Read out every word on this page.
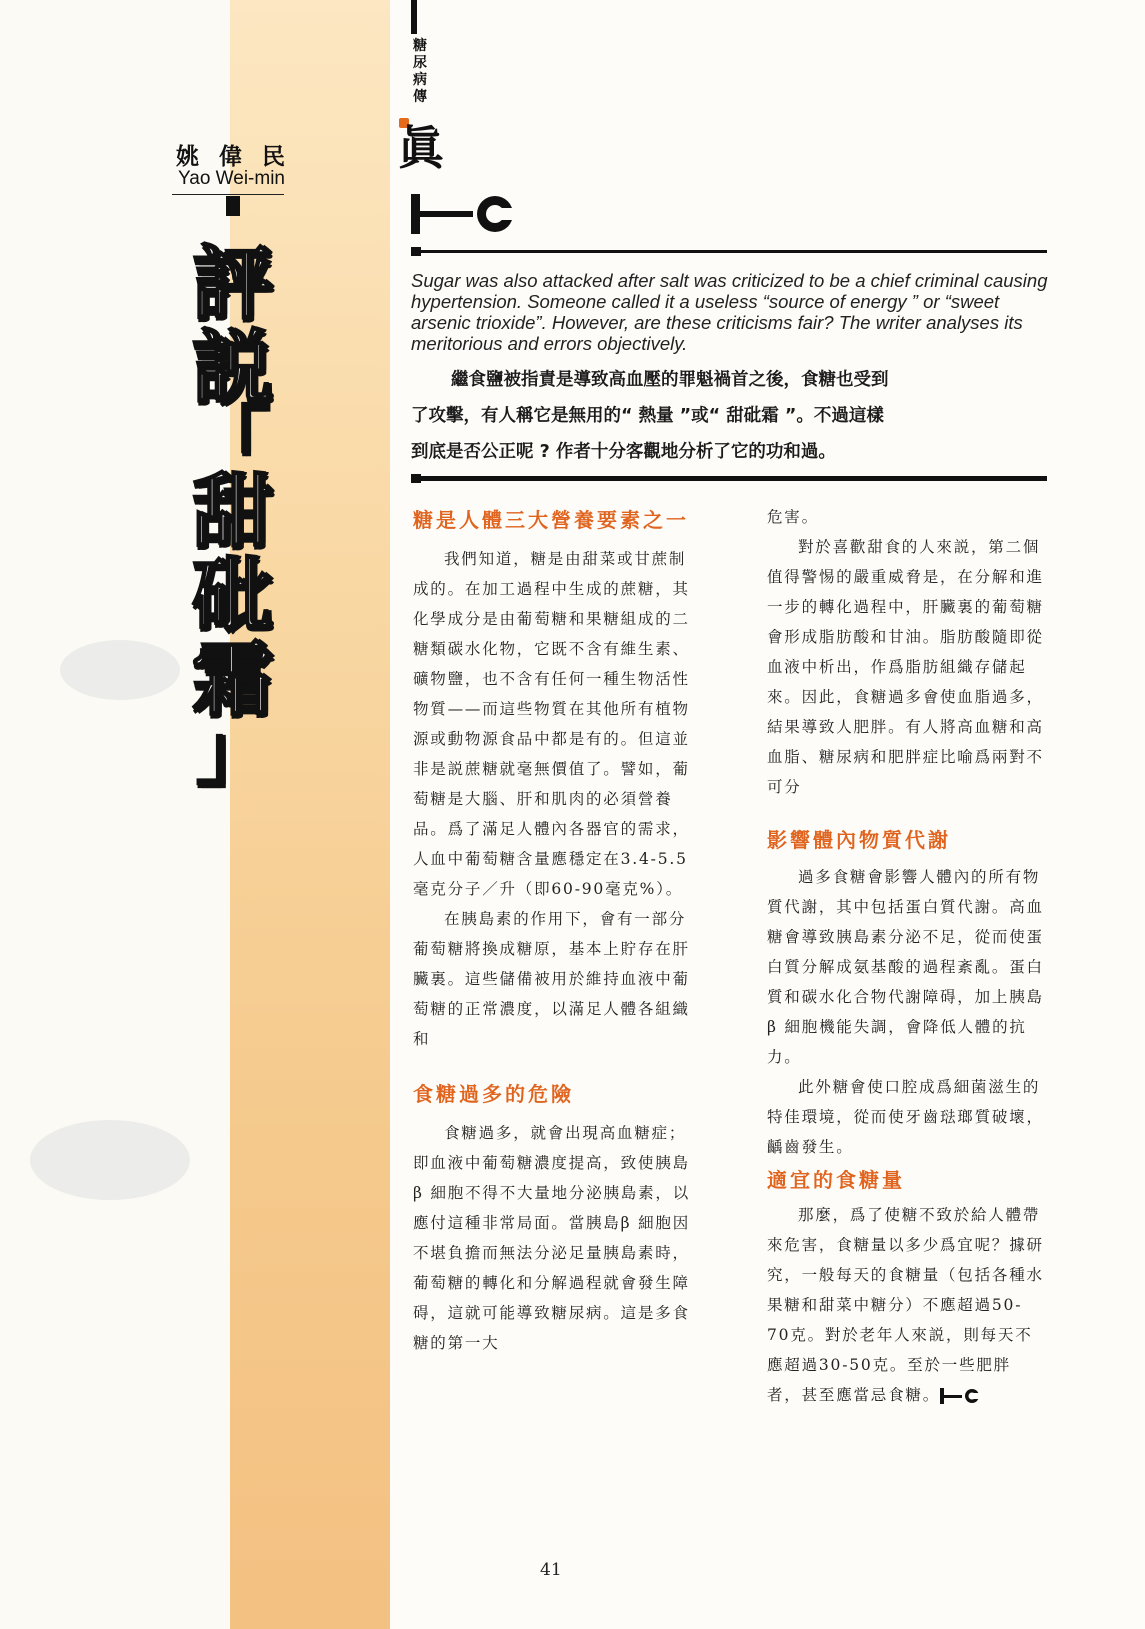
姚偉民
Yao Wei-min
評
説
「
甜
砒
霜
」
糖
尿
病
傳
眞
Sugar was also attacked after salt was criticized to be a chief criminal causing hypertension. Someone called it a useless “source of energy ” or “sweet arsenic trioxide”. However, are these criticisms fair? The writer analyses its meritorious and errors objectively.
繼食鹽被指責是導致高血壓的罪魁禍首之後，食糖也受到
了攻擊，有人稱它是無用的“ 熱量 ”或“ 甜砒霜 ”。不過這樣
到底是否公正呢 ? 作者十分客觀地分析了它的功和過。
糖是人體三大營養要素之一

我們知道，糖是由甜菜或甘蔗制成的。在加工過程中生成的蔗糖，其化學成分是由葡萄糖和果糖組成的二糖類碳水化物，它既不含有維生素、礦物鹽，也不含有任何一種生物活性物質——而這些物質在其他所有植物源或動物源食品中都是有的。但這並非是説蔗糖就毫無價值了。譬如，葡萄糖是大腦、肝和肌肉的必須營養品。爲了滿足人體內各器官的需求，人血中葡萄糖含量應穩定在3.4-5.5毫克分子／升（即60-90毫克%）。

在胰島素的作用下，會有一部分葡萄糖將換成糖原，基本上貯存在肝臟裏。這些儲備被用於維持血液中葡萄糖的正常濃度，以滿足人體各組織和

食糖過多的危險

食糖過多，就會出現高血糖症；即血液中葡萄糖濃度提高，致使胰島β 細胞不得不大量地分泌胰島素，以應付這種非常局面。當胰島β 細胞因不堪負擔而無法分泌足量胰島素時，葡萄糖的轉化和分解過程就會發生障碍，這就可能導致糖尿病。這是多食糖的第一大

危害。

對於喜歡甜食的人來説，第二個值得警惕的嚴重威脅是，在分解和進一步的轉化過程中，肝臟裏的葡萄糖會形成脂肪酸和甘油。脂肪酸隨即從血液中析出，作爲脂肪組織存儲起來。因此，食糖過多會使血脂過多，結果導致人肥胖。有人將高血糖和高血脂、糖尿病和肥胖症比喻爲兩對不可分

影響體內物質代謝

過多食糖會影響人體內的所有物質代謝，其中包括蛋白質代謝。高血糖會導致胰島素分泌不足，從而使蛋白質分解成氨基酸的過程紊亂。蛋白質和碳水化合物代謝障碍，加上胰島β 細胞機能失調，會降低人體的抗力。

此外糖會使口腔成爲細菌滋生的特佳環境，從而使牙齒琺瑯質破壞，齲齒發生。

適宜的食糖量

那麼，爲了使糖不致於給人體帶來危害，食糖量以多少爲宜呢？據研究，一般每天的食糖量（包括各種水果糖和甜菜中糖分）不應超過50-70克。對於老年人來説，則每天不應超過30-50克。至於一些肥胖者，甚至應當忌食糖。

41
